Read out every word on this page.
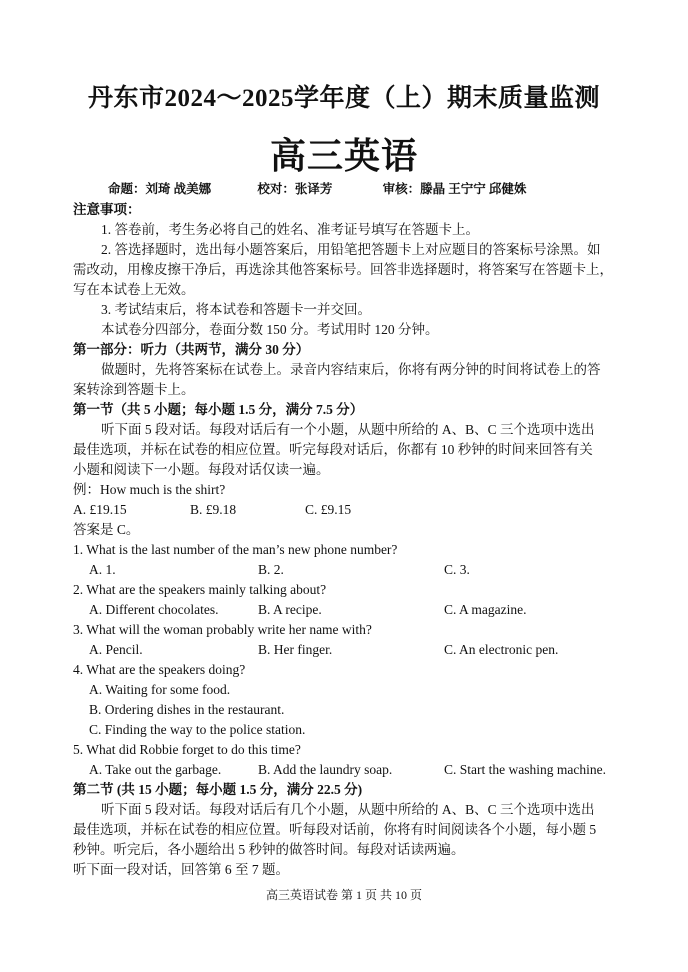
丹东市2024～2025学年度（上）期末质量监测
高三英语
命题：刘琦 战美娜	校对：张译芳	审核：滕晶 王宁宁 邱健姝
注意事项：
1. 答卷前，考生务必将自己的姓名、准考证号填写在答题卡上。
2. 答选择题时，选出每小题答案后，用铅笔把答题卡上对应题目的答案标号涂黑。如
需改动，用橡皮擦干净后，再选涂其他答案标号。回答非选择题时，将答案写在答题卡上，
写在本试卷上无效。
3. 考试结束后，将本试卷和答题卡一并交回。
本试卷分四部分，卷面分数 150 分。考试用时 120 分钟。
第一部分：听力（共两节，满分 30 分）
做题时，先将答案标在试卷上。录音内容结束后，你将有两分钟的时间将试卷上的答
案转涂到答题卡上。
第一节（共 5 小题；每小题 1.5 分，满分 7.5 分）
听下面 5 段对话。每段对话后有一个小题，从题中所给的 A、B、C 三个选项中选出
最佳选项，并标在试卷的相应位置。听完每段对话后，你都有 10 秒钟的时间来回答有关
小题和阅读下一小题。每段对话仅读一遍。
例：How much is the shirt?
A. £19.15	B. £9.18	C. £9.15
答案是 C。
1. What is the last number of the man’s new phone number?
A. 1.	B. 2.	C. 3.
2. What are the speakers mainly talking about?
A. Different chocolates.	B. A recipe.	C. A magazine.
3. What will the woman probably write her name with?
A. Pencil.	B. Her finger.	C. An electronic pen.
4. What are the speakers doing?
A. Waiting for some food.
B. Ordering dishes in the restaurant.
C. Finding the way to the police station.
5. What did Robbie forget to do this time?
A. Take out the garbage.	B. Add the laundry soap.	C. Start the washing machine.
第二节 (共 15 小题；每小题 1.5 分，满分 22.5 分)
听下面 5 段对话。每段对话后有几个小题，从题中所给的 A、B、C 三个选项中选出
最佳选项，并标在试卷的相应位置。听每段对话前，你将有时间阅读各个小题，每小题 5
秒钟。听完后，各小题给出 5 秒钟的做答时间。每段对话读两遍。
听下面一段对话，回答第 6 至 7 题。
高三英语试卷 第 1 页 共 10 页
